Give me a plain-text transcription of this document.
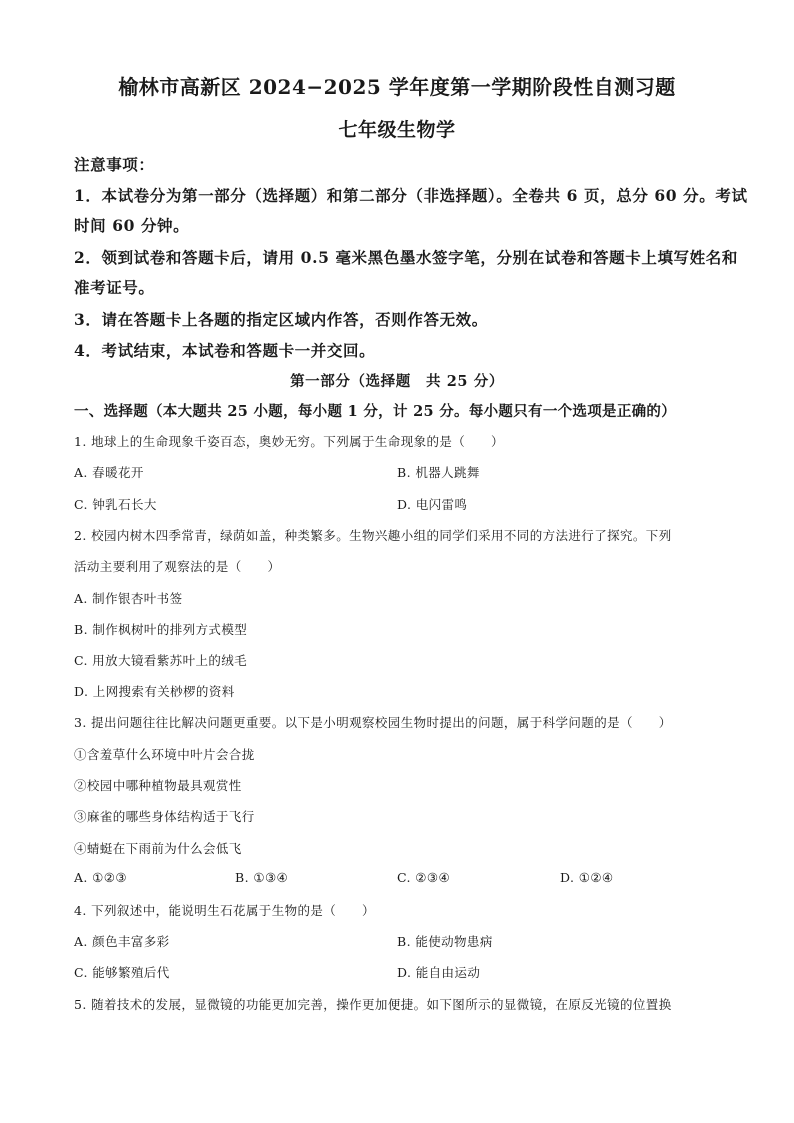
榆林市高新区 2024−2025 学年度第一学期阶段性自测习题
七年级生物学
注意事项：
1．本试卷分为第一部分（选择题）和第二部分（非选择题）。全卷共 6 页，总分 60 分。考试
时间 60 分钟。
2．领到试卷和答题卡后，请用 0.5 毫米黑色墨水签字笔，分别在试卷和答题卡上填写姓名和
准考证号。
3．请在答题卡上各题的指定区域内作答，否则作答无效。
4．考试结束，本试卷和答题卡一并交回。
第一部分（选择题　共 25 分）
一、选择题（本大题共 25 小题，每小题 1 分，计 25 分。每小题只有一个选项是正确的）
1. 地球上的生命现象千姿百态，奥妙无穷。下列属于生命现象的是（　　）
A. 春暖花开	B. 机器人跳舞
C. 钟乳石长大	D. 电闪雷鸣
2. 校园内树木四季常青，绿荫如盖，种类繁多。生物兴趣小组的同学们采用不同的方法进行了探究。下列
活动主要利用了观察法的是（　　）
A. 制作银杏叶书签
B. 制作枫树叶的排列方式模型
C. 用放大镜看紫苏叶上的绒毛
D. 上网搜索有关桫椤的资料
3. 提出问题往往比解决问题更重要。以下是小明观察校园生物时提出的问题，属于科学问题的是（　　）
①含羞草什么环境中叶片会合拢
②校园中哪种植物最具观赏性
③麻雀的哪些身体结构适于飞行
④蜻蜓在下雨前为什么会低飞
A. ①②③	B. ①③④	C. ②③④	D. ①②④
4. 下列叙述中，能说明生石花属于生物的是（　　）
A. 颜色丰富多彩	B. 能使动物患病
C. 能够繁殖后代	D. 能自由运动
5. 随着技术的发展，显微镜的功能更加完善，操作更加便捷。如下图所示的显微镜，在原反光镜的位置换
